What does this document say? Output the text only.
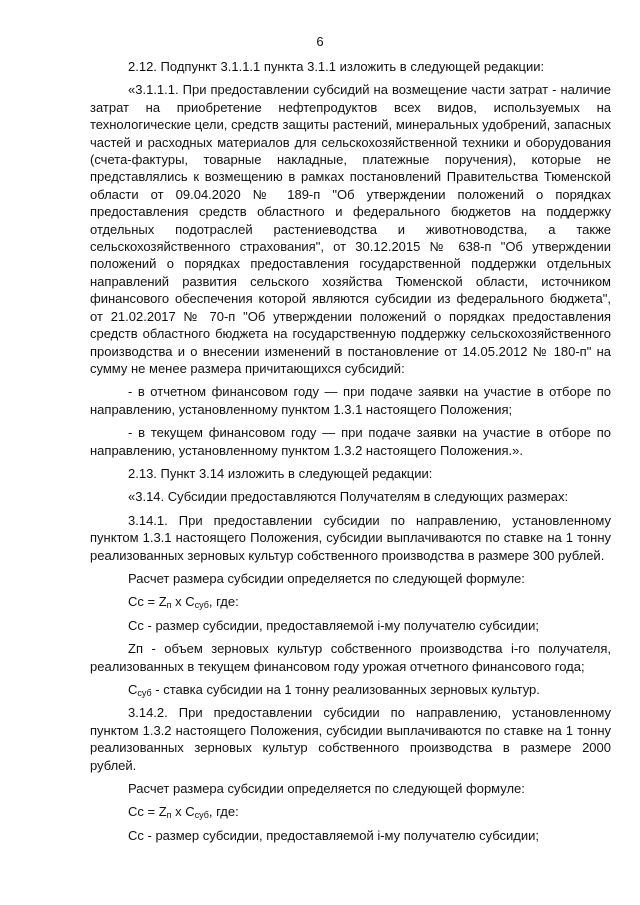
6

2.12. Подпункт 3.1.1.1 пункта 3.1.1 изложить в следующей редакции:

«3.1.1.1. При предоставлении субсидий на возмещение части затрат - наличие затрат на приобретение нефтепродуктов всех видов, используемых на технологические цели, средств защиты растений, минеральных удобрений, запасных частей и расходных материалов для сельскохозяйственной техники и оборудования (счета-фактуры, товарные накладные, платежные поручения), которые не представлялись к возмещению в рамках постановлений Правительства Тюменской области от 09.04.2020 № 189-п "Об утверждении положений о порядках предоставления средств областного и федерального бюджетов на поддержку отдельных подотраслей растениеводства и животноводства, а также сельскохозяйственного страхования", от 30.12.2015 № 638-п "Об утверждении положений о порядках предоставления государственной поддержки отдельных направлений развития сельского хозяйства Тюменской области, источником финансового обеспечения которой являются субсидии из федерального бюджета", от 21.02.2017 № 70-п "Об утверждении положений о порядках предоставления средств областного бюджета на государственную поддержку сельскохозяйственного производства и о внесении изменений в постановление от 14.05.2012 № 180-п" на сумму не менее размера причитающихся субсидий:

- в отчетном финансовом году — при подаче заявки на участие в отборе по направлению, установленному пунктом 1.3.1 настоящего Положения;

- в текущем финансовом году — при подаче заявки на участие в отборе по направлению, установленному пунктом 1.3.2 настоящего Положения.».

2.13. Пункт 3.14 изложить в следующей редакции:

«3.14. Субсидии предоставляются Получателям в следующих размерах:

3.14.1. При предоставлении субсидии по направлению, установленному пунктом 1.3.1 настоящего Положения, субсидии выплачиваются по ставке на 1 тонну реализованных зерновых культур собственного производства в размере 300 рублей.

Расчет размера субсидии определяется по следующей формуле:

Сс = $Z_п$ х $С_{суб}$, где:

Сс - размер субсидии, предоставляемой i-му получателю субсидии;

Zп - объем зерновых культур собственного производства i-го получателя, реализованных в текущем финансовом году урожая отчетного финансового года;

$С_{суб}$ - ставка субсидии на 1 тонну реализованных зерновых культур.

3.14.2. При предоставлении субсидии по направлению, установленному пунктом 1.3.2 настоящего Положения, субсидии выплачиваются по ставке на 1 тонну реализованных зерновых культур собственного производства в размере 2000 рублей.

Расчет размера субсидии определяется по следующей формуле:

Сс = $Z_п$ х $С_{суб}$, где:

Сс - размер субсидии, предоставляемой i-му получателю субсидии;
